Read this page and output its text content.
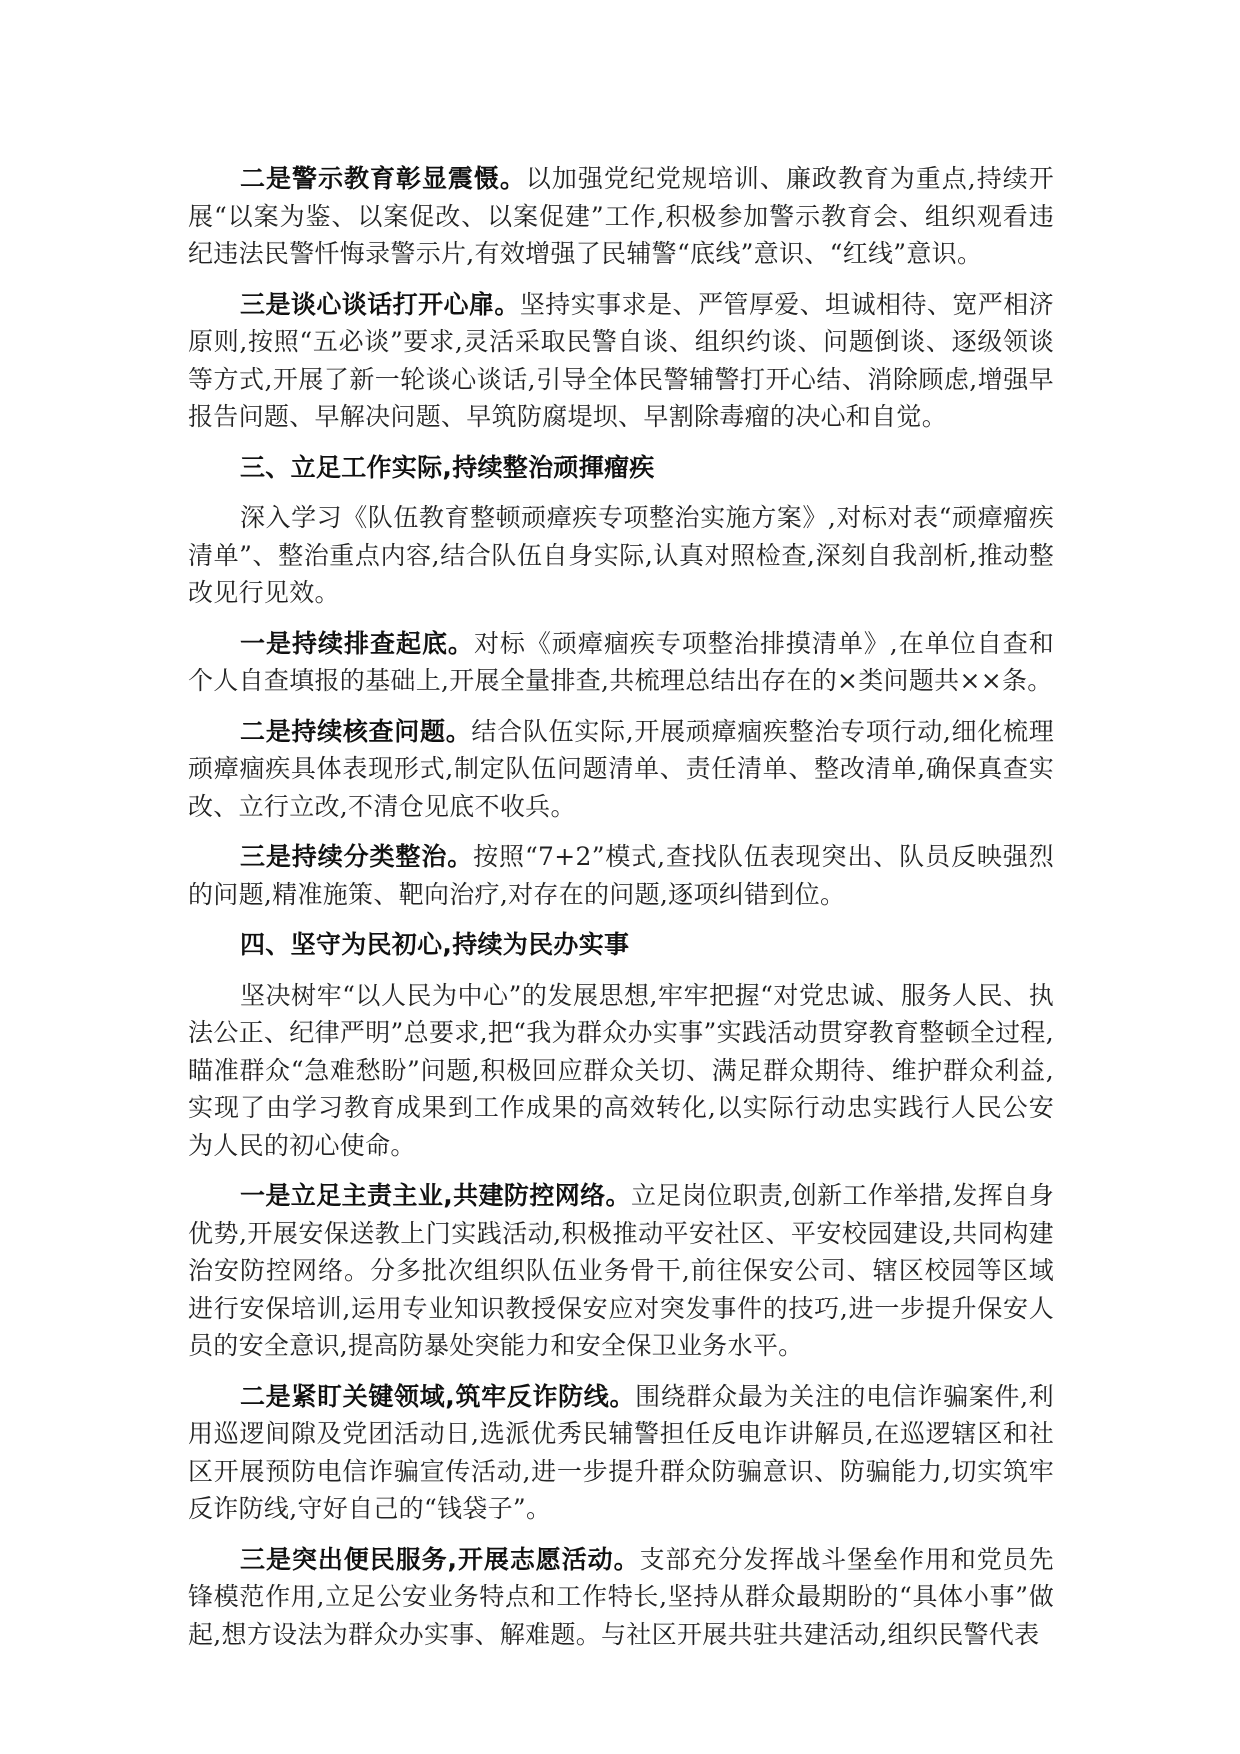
二是警示教育彰显震慑。以加强党纪党规培训、廉政教育为重点,持续开展“以案为鉴、以案促改、以案促建”工作,积极参加警示教育会、组织观看违纪违法民警忏悔录警示片,有效增强了民辅警“底线”意识、“红线”意识。

三是谈心谈话打开心扉。坚持实事求是、严管厚爱、坦诚相待、宽严相济原则,按照“五必谈”要求,灵活采取民警自谈、组织约谈、问题倒谈、逐级领谈等方式,开展了新一轮谈心谈话,引导全体民警辅警打开心结、消除顾虑,增强早报告问题、早解决问题、早筑防腐堤坝、早割除毒瘤的决心和自觉。

三、立足工作实际,持续整治顽揮瘤疾

深入学习《队伍教育整顿顽瘴疾专项整治实施方案》,对标对表“顽瘴瘤疾清单”、整治重点内容,结合队伍自身实际,认真对照检查,深刻自我剖析,推动整改见行见效。

一是持续排查起底。对标《顽瘴痼疾专项整治排摸清单》,在单位自查和个人自查填报的基础上,开展全量排查,共梳理总结出存在的×类问题共××条。

二是持续核查问题。结合队伍实际,开展顽瘴痼疾整治专项行动,细化梳理顽瘴痼疾具体表现形式,制定队伍问题清单、责任清单、整改清单,确保真查实改、立行立改,不清仓见底不收兵。

三是持续分类整治。按照“7+2”模式,查找队伍表现突出、队员反映强烈的问题,精准施策、靶向治疗,对存在的问题,逐项纠错到位。

四、坚守为民初心,持续为民办实事

坚决树牢“以人民为中心”的发展思想,牢牢把握“对党忠诚、服务人民、执法公正、纪律严明”总要求,把“我为群众办实事”实践活动贯穿教育整顿全过程,瞄准群众“急难愁盼”问题,积极回应群众关切、满足群众期待、维护群众利益,实现了由学习教育成果到工作成果的高效转化,以实际行动忠实践行人民公安为人民的初心使命。

一是立足主责主业,共建防控网络。立足岗位职责,创新工作举措,发挥自身优势,开展安保送教上门实践活动,积极推动平安社区、平安校园建设,共同构建治安防控网络。分多批次组织队伍业务骨干,前往保安公司、辖区校园等区域进行安保培训,运用专业知识教授保安应对突发事件的技巧,进一步提升保安人员的安全意识,提高防暴处突能力和安全保卫业务水平。

二是紧盯关键领域,筑牢反诈防线。围绕群众最为关注的电信诈骗案件,利用巡逻间隙及党团活动日,选派优秀民辅警担任反电诈讲解员,在巡逻辖区和社区开展预防电信诈骗宣传活动,进一步提升群众防骗意识、防骗能力,切实筑牢反诈防线,守好自己的“钱袋子”。

三是突出便民服务,开展志愿活动。支部充分发挥战斗堡垒作用和党员先锋模范作用,立足公安业务特点和工作特长,坚持从群众最期盼的“具体小事”做起,想方设法为群众办实事、解难题。与社区开展共驻共建活动,组织民警代表
